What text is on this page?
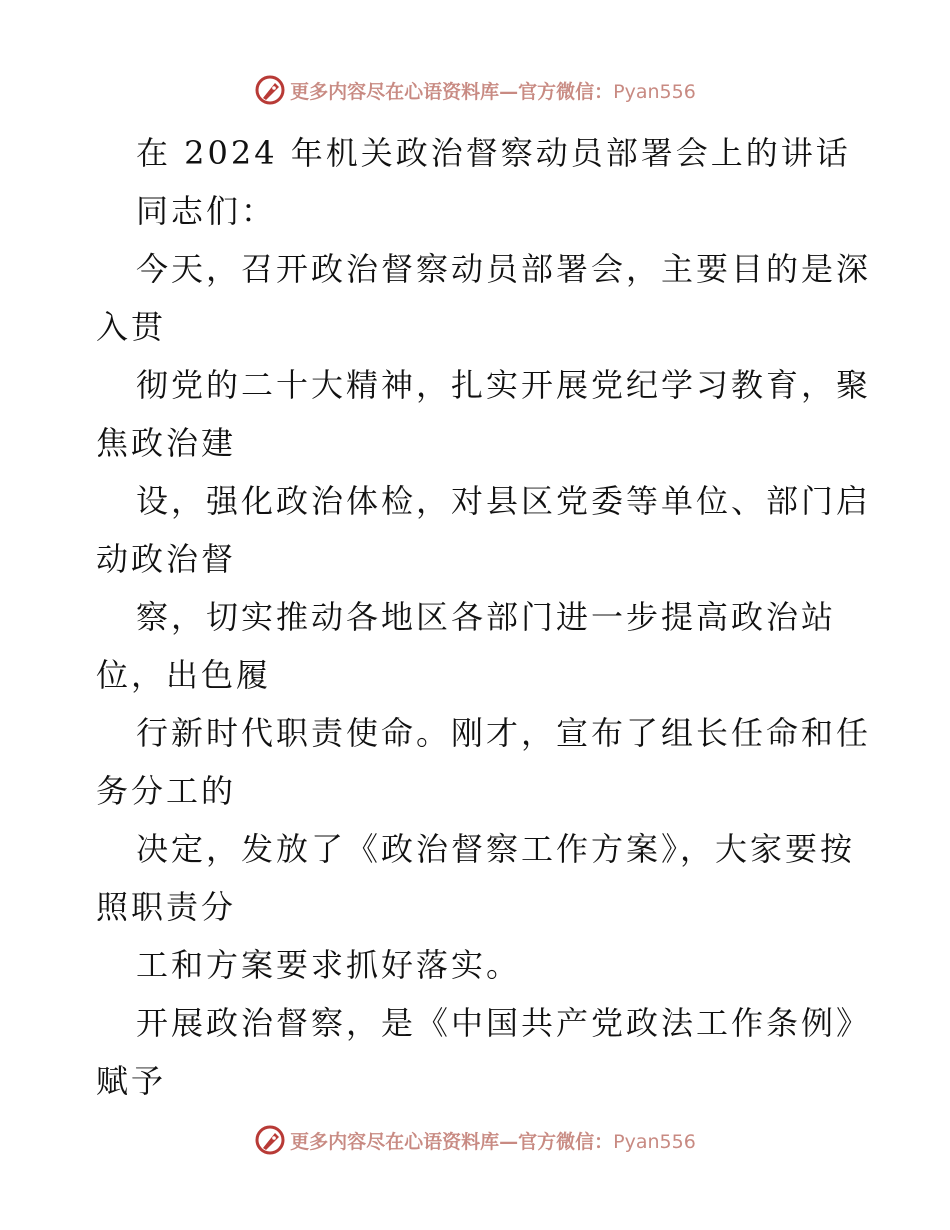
更多内容尽在心语资料库—官方微信：Pyan556
在 2024 年机关政治督察动员部署会上的讲话
同志们：
今天，召开政治督察动员部署会，主要目的是深
入贯
彻党的二十大精神，扎实开展党纪学习教育，聚
焦政治建
设，强化政治体检，对县区党委等单位、部门启
动政治督
察，切实推动各地区各部门进一步提高政治站
位，出色履
行新时代职责使命。刚才，宣布了组长任命和任
务分工的
决定，发放了《政治督察工作方案》，大家要按
照职责分
工和方案要求抓好落实。
开展政治督察，是《中国共产党政法工作条例》
赋予
更多内容尽在心语资料库—官方微信：Pyan556
